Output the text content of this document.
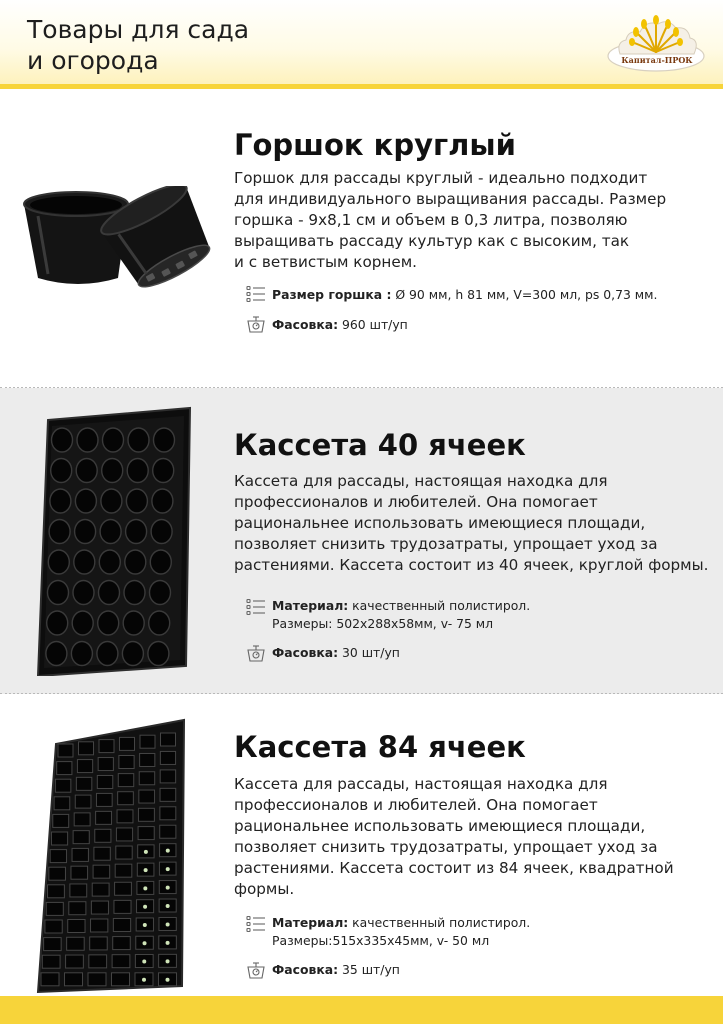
Товары для сада
и огорода	Капитал-ПРОК
Горшок круглый
Горшок для рассады круглый - идеально подходит
для индивидуального выращивания рассады. Размер
горшка - 9х8,1 см и объем в 0,3 литра, позволяю
выращивать рассаду культур как с высоким, так
и с ветвистым корнем.
Размер горшка : Ø 90 мм, h 81 мм, V=300 мл, ps 0,73 мм.
Фасовка: 960 шт/уп
Кассета 40 ячеек
Кассета для рассады, настоящая находка для
профессионалов и любителей. Она помогает
рациональнее использовать имеющиеся площади,
позволяет снизить трудозатраты, упрощает уход за
растениями. Кассета состоит из 40 ячеек, круглой формы.
Материал: качественный полистирол.
Размеры: 502х288х58мм, v- 75 мл
Фасовка: 30 шт/уп
Кассета 84 ячеек
Кассета для рассады, настоящая находка для
профессионалов и любителей. Она помогает
рациональнее использовать имеющиеся площади,
позволяет снизить трудозатраты, упрощает уход за
растениями. Кассета состоит из 84 ячеек, квадратной
формы.
Материал: качественный полистирол.
Размеры:515х335х45мм, v- 50 мл
Фасовка: 35 шт/уп
